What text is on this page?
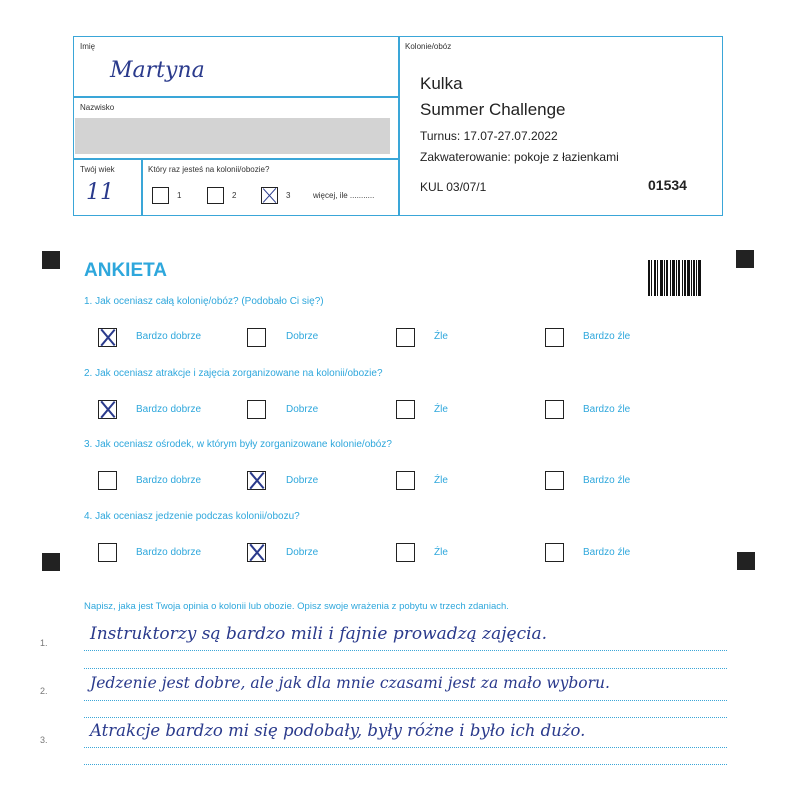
Imię
Martyna
Nazwisko
Twój wiek
11
Który raz jesteś na kolonii/obozie?
1	2	3	więcej, ile ...........
Kolonie/obóz
Kulka
Summer Challenge
Turnus: 17.07-27.07.2022
Zakwaterowanie: pokoje z łazienkami
KUL 03/07/1	01534
ANKIETA
1. Jak oceniasz całą kolonię/obóz? (Podobało Ci się?)
Bardzo dobrze	Dobrze	Źle	Bardzo źle
2. Jak oceniasz atrakcje i zajęcia zorganizowane na kolonii/obozie?
Bardzo dobrze	Dobrze	Źle	Bardzo źle
3. Jak oceniasz ośrodek, w którym były zorganizowane kolonie/obóz?
Bardzo dobrze	Dobrze	Źle	Bardzo źle
4. Jak oceniasz jedzenie podczas kolonii/obozu?
Bardzo dobrze	Dobrze	Źle	Bardzo źle
Napisz, jaka jest Twoja opinia o kolonii lub obozie. Opisz swoje wrażenia z pobytu w trzech zdaniach.
1. Instruktorzy są bardzo mili i fajnie prowadzą zajęcia.
2.	Jedzenie jest dobre, ale jak dla mnie czasami jest za mało wyboru.
3.	Atrakcje bardzo mi się podobały, były różne i było ich dużo.
